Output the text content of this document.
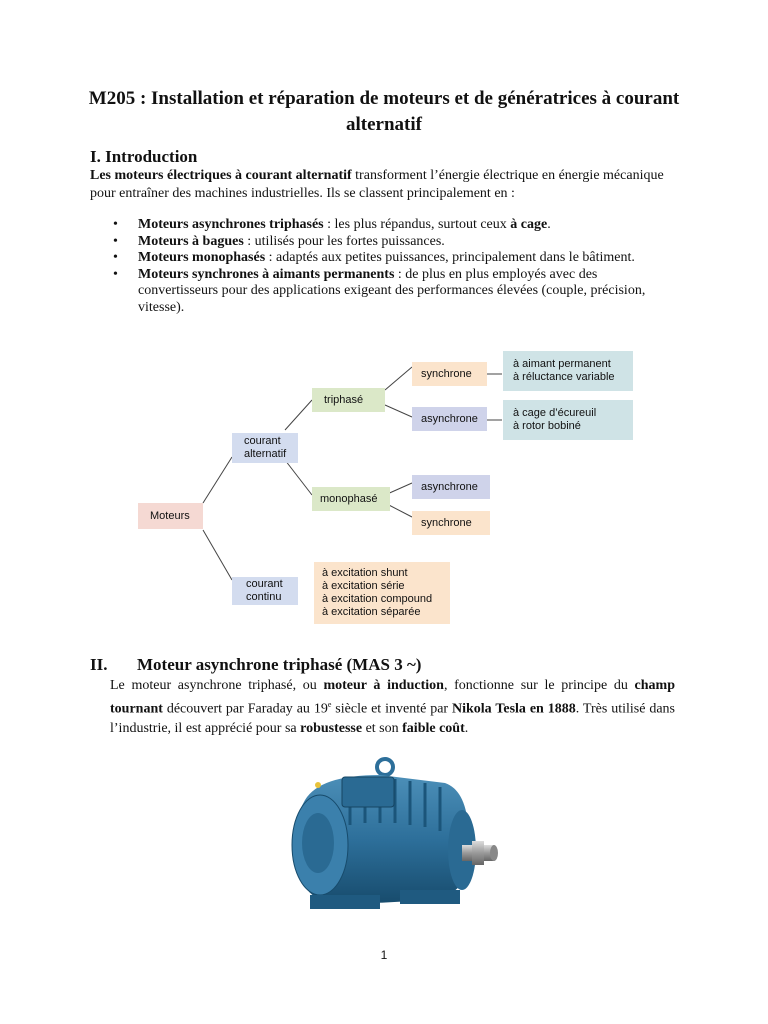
M205 : Installation et réparation de moteurs et de génératrices à courant alternatif
I. Introduction
Les moteurs électriques à courant alternatif transforment l’énergie électrique en énergie mécanique pour entraîner des machines industrielles. Ils se classent principalement en :
• Moteurs asynchrones triphasés : les plus répandus, surtout ceux à cage.
• Moteurs à bagues : utilisés pour les fortes puissances.
• Moteurs monophasés : adaptés aux petites puissances, principalement dans le bâtiment.
• Moteurs synchrones à aimants permanents : de plus en plus employés avec des convertisseurs pour des applications exigeant des performances élevées (couple, précision, vitesse).
Moteurs
courant
alternatif
courant
continu
triphasé
monophasé
synchrone
asynchrone
asynchrone
synchrone
à aimant permanent
à réluctance variable
à cage d’écureuil
à rotor bobiné
à excitation shunt
à excitation série
à excitation compound
à excitation séparée
II. Moteur asynchrone triphasé (MAS 3 ~)
Le moteur asynchrone triphasé, ou moteur à induction, fonctionne sur le principe du champ tournant découvert par Faraday au 19e siècle et inventé par Nikola Tesla en 1888. Très utilisé dans l’industrie, il est apprécié pour sa robustesse et son faible coût.
1
